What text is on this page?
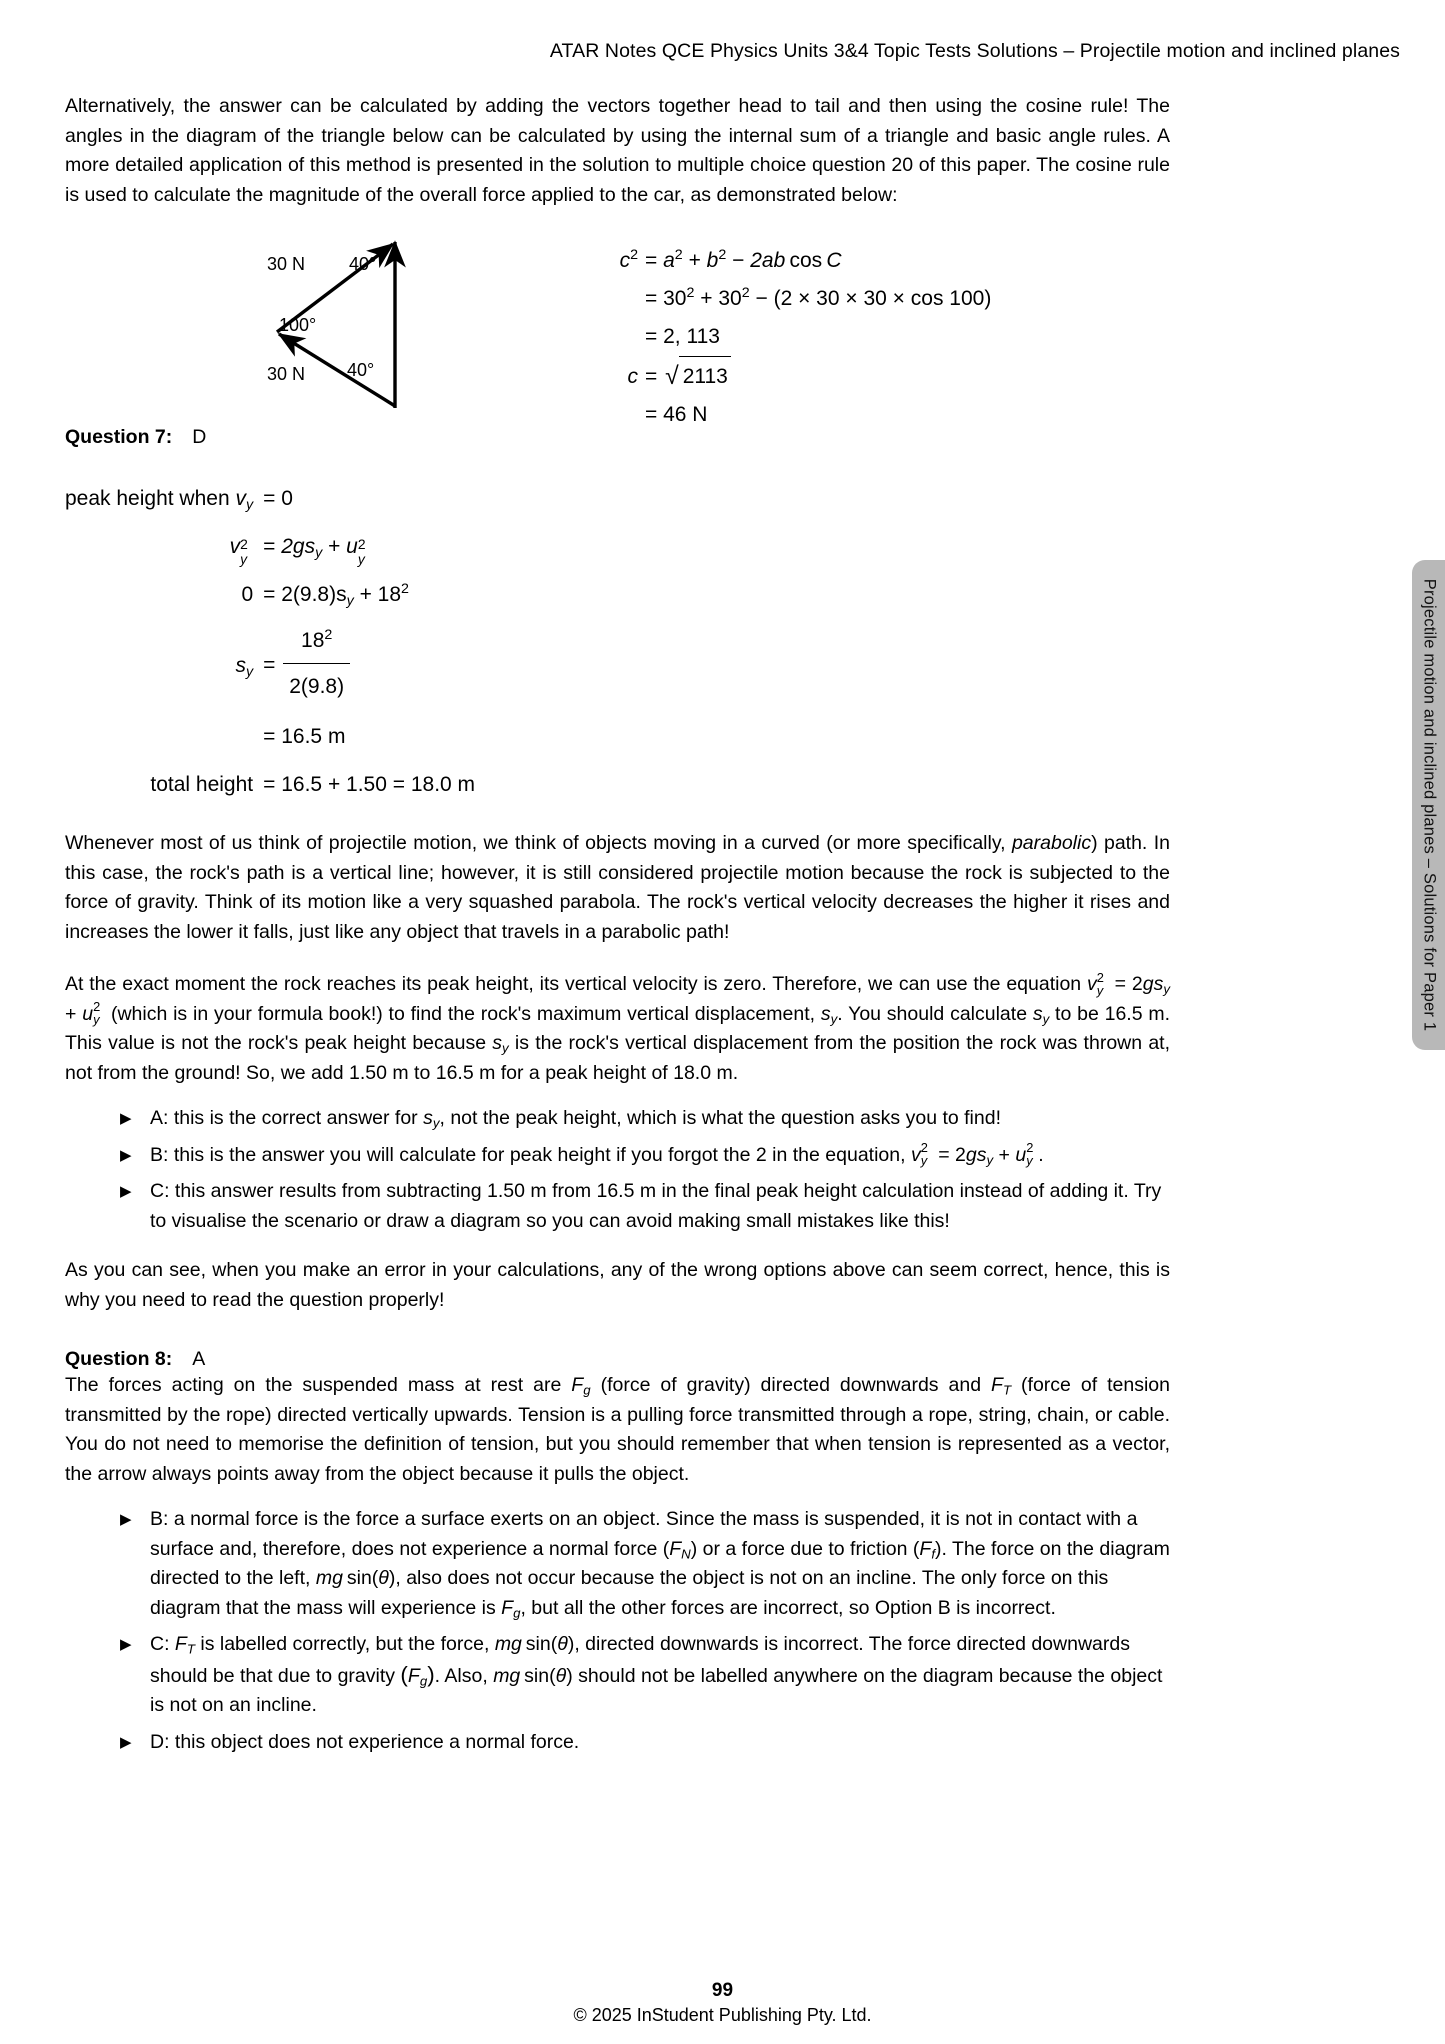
ATAR Notes QCE Physics Units 3&4 Topic Tests Solutions – Projectile motion and inclined planes
Projectile motion and inclined planes – Solutions for Paper 1

Alternatively, the answer can be calculated by adding the vectors together head to tail and then using the cosine rule! The angles in the diagram of the triangle below can be calculated by using the internal sum of a triangle and basic angle rules. A more detailed application of this method is presented in the solution to multiple choice question 20 of this paper. The cosine rule is used to calculate the magnitude of the overall force applied to the car, as demonstrated below:

30 N
100°
30 N
40°
40°
$c^2 = a^2 + b^2 - 2ab$ cos C
= $30^2 + 30^2 - (2 \times 30 \times 30 \times \cos 100)$
= 2, 113
c = √ 2113
= 46 N
Question 7: D
peak height when $v_y = 0$
v 2
y
= $2gs_y + u$ 2
y
$0 = 2(9.8)s_y + 18^2$
$s_y = \frac{18^2}{2(9.8)}$
= 16.5 m
total height = 16.5 + 1.50 = 18.0 m

Whenever most of us think of projectile motion, we think of objects moving in a curved (or more specifically, parabolic) path. In this case, the rock's path is a vertical line; however, it is still considered projectile motion because the rock is subjected to the force of gravity. Think of its motion like a very squashed parabola. The rock's vertical velocity decreases the higher it rises and increases the lower it falls, just like any object that travels in a parabolic path!

At the exact moment the rock reaches its peak height, its vertical velocity is zero. Therefore, we can use the equation v 2
$y = 2gs_y + u$ 2
y (which is in your formula book!) to find the rock's maximum vertical displacement, $s_y$. You should calculate $s_y$ to be 16.5 m. This value is not the rock's peak height because $s_y$ is the rock's vertical displacement from the position the rock was thrown at, not from the ground! So, we add 1.50 m to 16.5 m for a peak height of 18.0 m.

▶ A: this is the correct answer for $s_y$, not the peak height, which is what the question asks you to find!
▶ B: this is the answer you will calculate for peak height if you forgot the 2 in the equation, v 2
$y = 2gs_y + u$ 2
y .
▶ C: this answer results from subtracting 1.50 m from 16.5 m in the final peak height calculation instead of adding it. Try to visualise the scenario or draw a diagram so you can avoid making small mistakes like this!

As you can see, when you make an error in your calculations, any of the wrong options above can seem correct, hence, this is why you need to read the question properly!

Question 8: A

The forces acting on the suspended mass at rest are $F_g$ (force of gravity) directed downwards and $F_T$ (force of tension transmitted by the rope) directed vertically upwards. Tension is a pulling force transmitted through a rope, string, chain, or cable. You do not need to memorise the definition of tension, but you should remember that when tension is represented as a vector, the arrow always points away from the object because it pulls the object.

▶ B: a normal force is the force a surface exerts on an object. Since the mass is suspended, it is not in contact with a surface and, therefore, does not experience a normal force $(F_N)$ or a force due to friction $(F_f)$. The force on the diagram directed to the left, mg sin(θ), also does not occur because the object is not on an incline. The only force on this diagram that the mass will experience is $F_g$, but all the other forces are incorrect, so Option B is incorrect.
▶ C: $F_T$ is labelled correctly, but the force, mg sin(θ), directed downwards is incorrect. The force directed downwards should be that due to gravity $(F_g)$. Also, mg sin(θ) should not be labelled anywhere on the diagram because the object is not on an incline.
▶ D: this object does not experience a normal force.
99
© 2025 InStudent Publishing Pty. Ltd.
